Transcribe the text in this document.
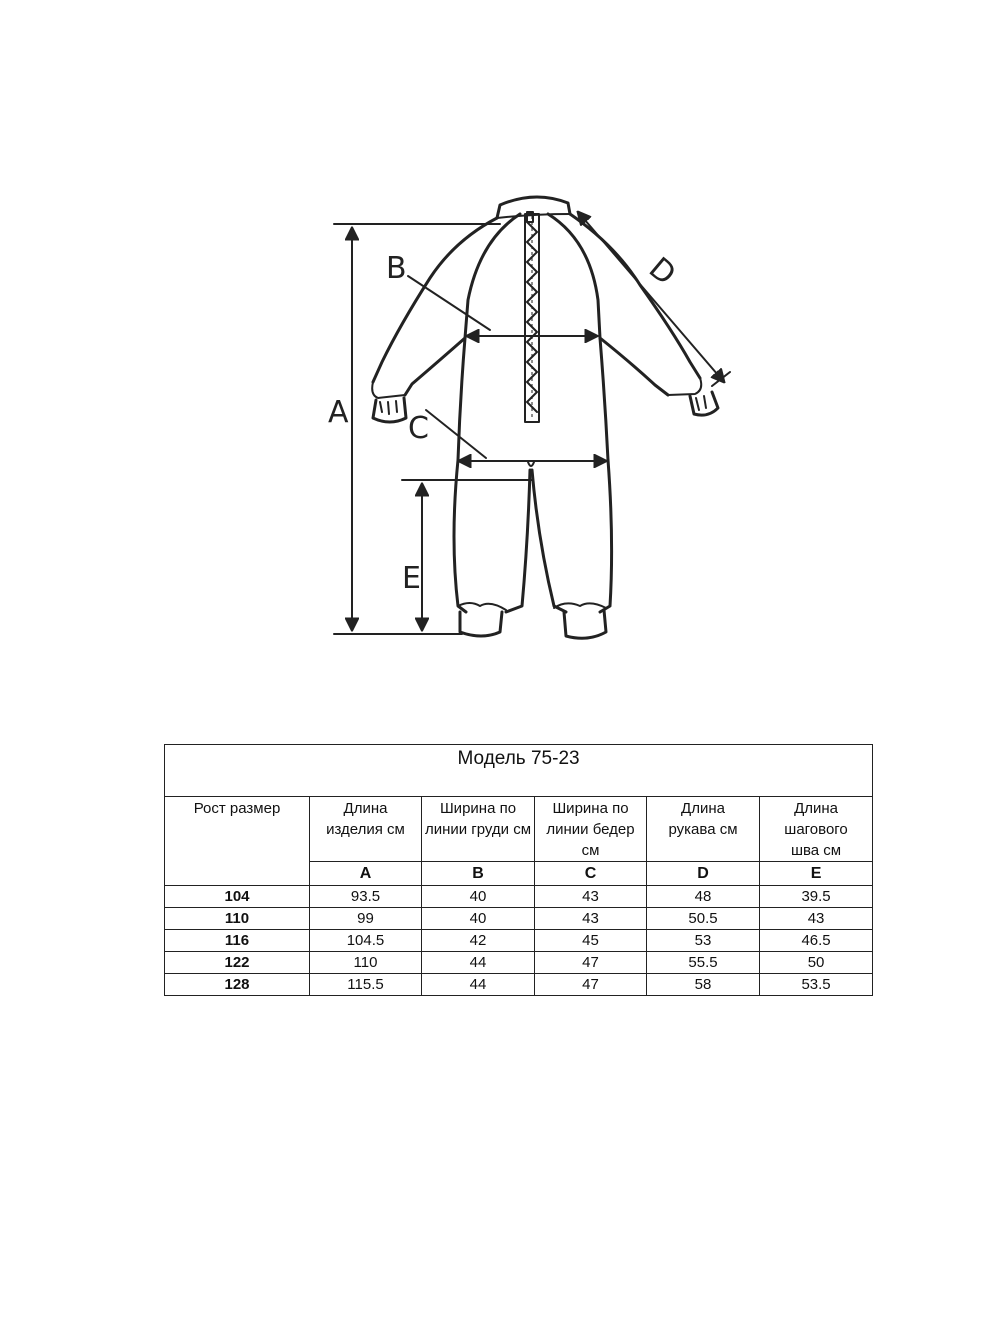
A
B
C
D
E
Модель 75-23					
Рост размер	Длина изделия см	Ширина по линии груди см	Ширина по линии бедер см	Длина рукава см	Длина шагового шва см
	A	B	C	D	E
104	93.5	40	43	48	39.5
110	99	40	43	50.5	43
116	104.5	42	45	53	46.5
122	110	44	47	55.5	50
128	115.5	44	47	58	53.5
